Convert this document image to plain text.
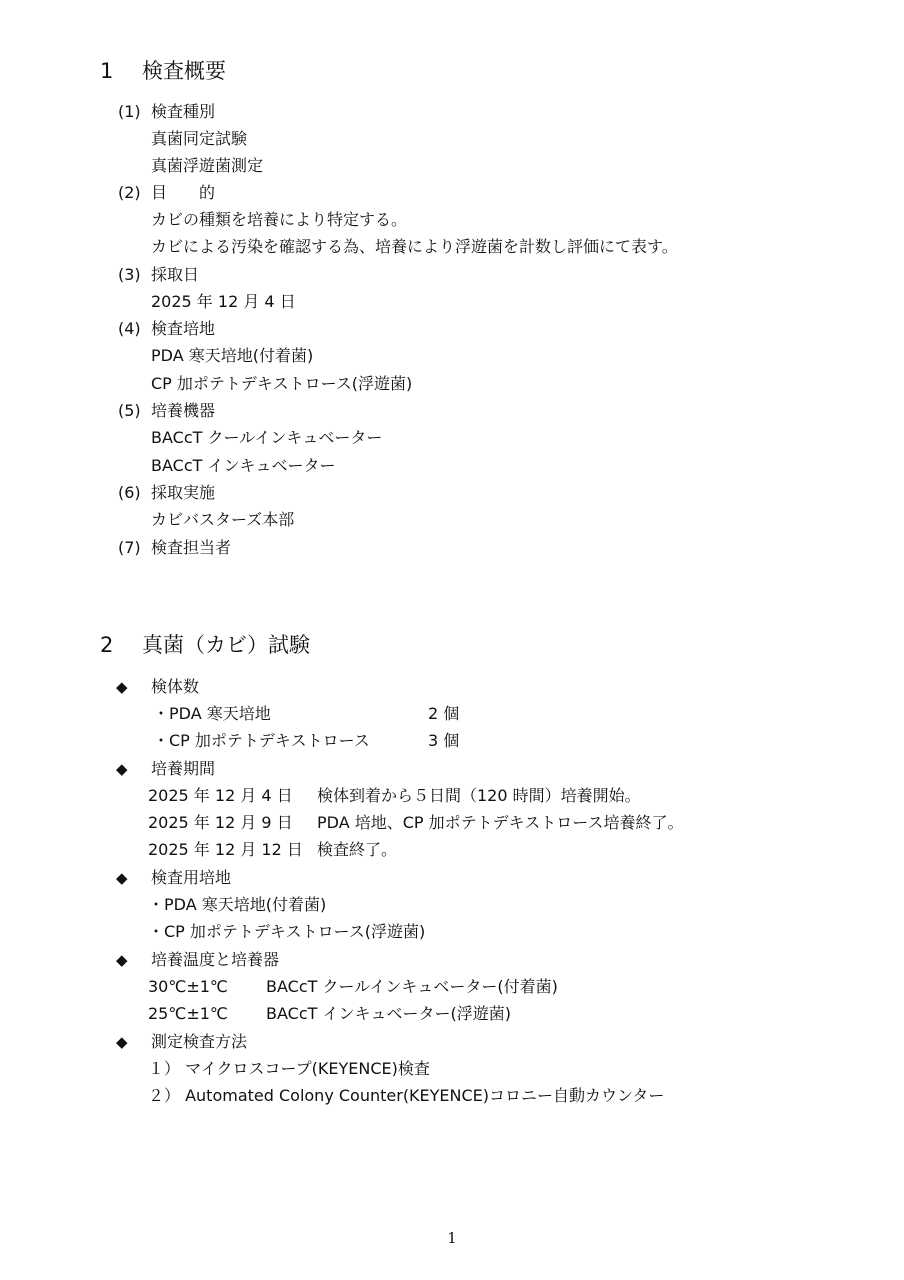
1 検査概要
(1) 検査種別
真菌同定試験
真菌浮遊菌測定
(2) 目　　的
カビの種類を培養により特定する。
カビによる汚染を確認する為、培養により浮遊菌を計数し評価にて表す。
(3) 採取日
2025 年 12 月 4 日
(4) 検査培地
PDA 寒天培地(付着菌)
CP 加ポテトデキストロース(浮遊菌)
(5) 培養機器
BACcT クールインキュベーター
BACcT インキュベーター
(6) 採取実施
カビバスターズ本部
(7) 検査担当者
2 真菌（カビ）試験
◆ 検体数
・PDA 寒天培地	2 個
・CP 加ポテトデキストロース	3 個
◆ 培養期間
2025 年 12 月 4 日 検体到着から５日間（120 時間）培養開始。
2025 年 12 月 9 日 PDA 培地、CP 加ポテトデキストロース培養終了。
2025 年 12 月 12 日 検査終了。
◆ 検査用培地
・PDA 寒天培地(付着菌)
・CP 加ポテトデキストロース(浮遊菌)
◆ 培養温度と培養器
30℃±1℃ BACcT クールインキュベーター(付着菌)
25℃±1℃ BACcT インキュベーター(浮遊菌)
◆ 測定検査方法
１） マイクロスコープ(KEYENCE)検査
２） Automated Colony Counter(KEYENCE)コロニー自動カウンター
1
